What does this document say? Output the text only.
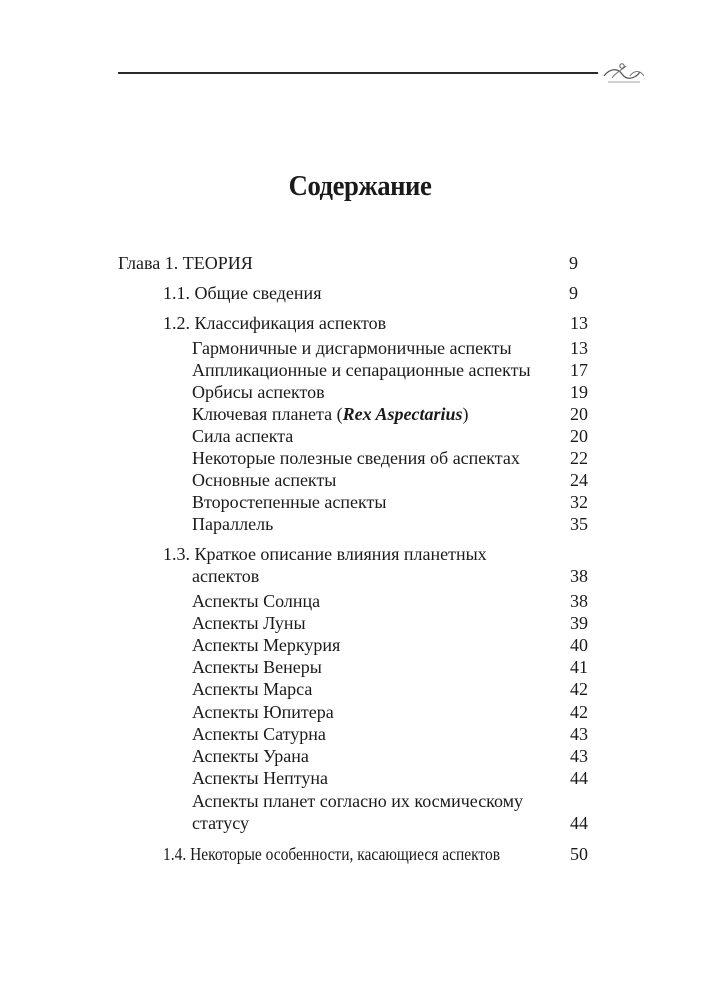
Содержание
Глава 1. ТЕОРИЯ	9
1.1. Общие сведения	9
1.2. Классификация аспектов	13
Гармоничные и дисгармоничные аспекты	13
Аппликационные и сепарационные аспекты	17
Орбисы аспектов	19
Ключевая планета (Rex Aspectarius)	20
Сила аспекта	20
Некоторые полезные сведения об аспектах	22
Основные аспекты	24
Второстепенные аспекты	32
Параллель	35
1.3. Краткое описание влияния планетных
аспектов	38
Аспекты Солнца	38
Аспекты Луны	39
Аспекты Меркурия	40
Аспекты Венеры	41
Аспекты Марса	42
Аспекты Юпитера	42
Аспекты Сатурна	43
Аспекты Урана	43
Аспекты Нептуна	44
Аспекты планет согласно их космическому
статусу	44
1.4. Некоторые особенности, касающиеся аспектов	50
